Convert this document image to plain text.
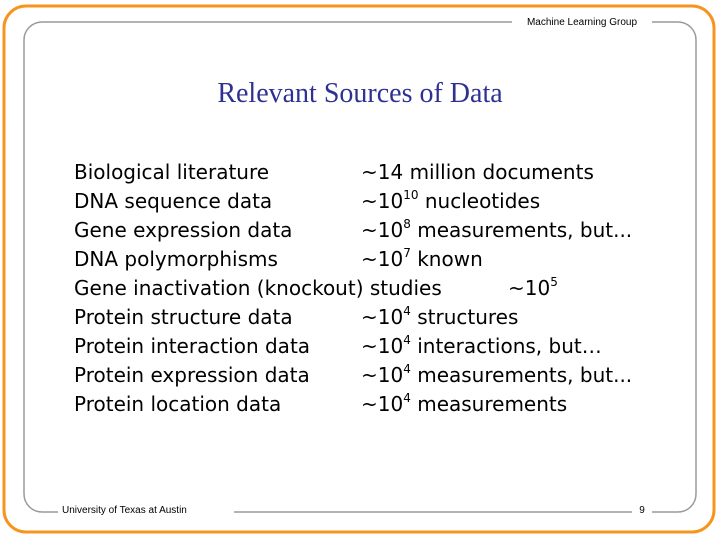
Machine Learning Group
Relevant Sources of Data
Biological literature	~14 million documents
DNA sequence data	$\sim 10^{10}$ nucleotides
Gene expression data	$\sim 10^8$ measurements, but...
DNA polymorphisms	$\sim 10^7$ known
Gene inactivation (knockout) studies	$\sim 10^5$
Protein structure data	$\sim 10^4$ structures
Protein interaction data	$\sim 10^4$ interactions, but…
Protein expression data	$\sim 10^4$ measurements, but...
Protein location data	$\sim 10^4$ measurements
University of Texas at Austin	9
